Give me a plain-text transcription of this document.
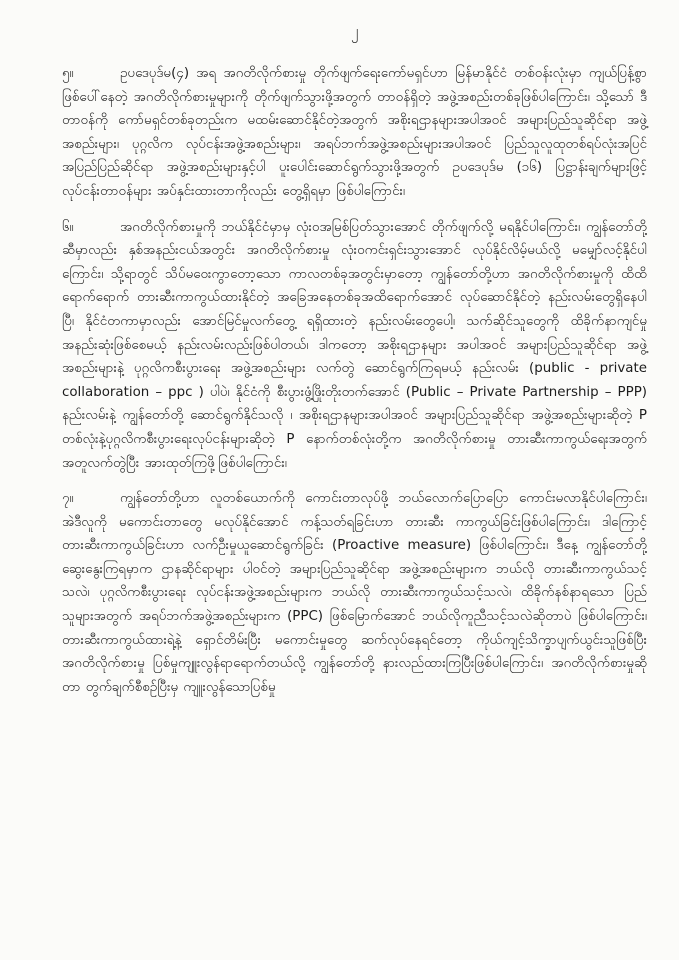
၂
၅။	ဥပဒေပုဒ်မ(၄) အရ အဂတိလိုက်စားမှု တိုက်ဖျက်ရေးကော်မရှင်ဟာ မြန်မာနိုင်ငံ တစ်ဝန်းလုံးမှာ ကျယ်ပြန့်စွာဖြစ်ပေါ်နေတဲ့ အဂတိလိုက်စားမှုများကို တိုက်ဖျက်သွားဖို့အတွက် တာဝန်ရှိတဲ့ အဖွဲ့အစည်းတစ်ခုဖြစ်ပါကြောင်း၊ သို့သော် ဒီတာဝန်ကို ကော်မရှင်တစ်ခုတည်းက မထမ်းဆောင်နိုင်တဲ့အတွက် အစိုးရဌာနများအပါအဝင် အများပြည်သူဆိုင်ရာ အဖွဲ့အစည်းများ၊ ပုဂ္ဂလိက လုပ်ငန်းအဖွဲ့အစည်းများ၊ အရပ်ဘက်အဖွဲ့အစည်းများအပါအဝင် ပြည်သူလူထုတစ်ရပ်လုံးအပြင် အပြည်ပြည်ဆိုင်ရာ အဖွဲ့အစည်းများနှင့်ပါ ပူးပေါင်းဆောင်ရွက်သွားဖို့အတွက် ဥပဒေပုဒ်မ (၁၆) ပြဋ္ဌာန်းချက်များဖြင့် လုပ်ငန်းတာဝန်များ အပ်နှင်းထားတာကိုလည်း တွေ့ရှိရမှာ ဖြစ်ပါကြောင်း၊

၆။	အဂတိလိုက်စားမှုကို ဘယ်နိုင်ငံမှာမှ လုံးဝအမြစ်ပြတ်သွားအောင် တိုက်ဖျက်လို့ မရနိုင်ပါကြောင်း၊ ကျွန်တော်တို့ဆီမှာလည်း နှစ်အနည်းငယ်အတွင်း အဂတိလိုက်စားမှု လုံးဝကင်းရှင်းသွားအောင် လုပ်နိုင်လိမ့်မယ်လို့ မမျှော်လင့်နိုင်ပါကြောင်း၊ သို့ရာတွင် သိပ်မဝေးကွာတော့သော ကာလတစ်ခုအတွင်းမှာတော့ ကျွန်တော်တို့ဟာ အဂတိလိုက်စားမှုကို ထိထိရောက်ရောက် တားဆီးကာကွယ်ထားနိုင်တဲ့ အခြေအနေတစ်ခုအထိရောက်အောင် လုပ်ဆောင်နိုင်တဲ့ နည်းလမ်းတွေရှိနေပါပြီ၊ နိုင်ငံတကာမှာလည်း အောင်မြင်မှုလက်တွေ့ ရရှိထားတဲ့ နည်းလမ်းတွေပေါ့၊ သက်ဆိုင်သူတွေကို ထိခိုက်နာကျင်မှု အနည်းဆုံးဖြစ်စေမယ့် နည်းလမ်းလည်းဖြစ်ပါတယ်၊ ဒါကတော့ အစိုးရဌာနများ အပါအဝင် အများပြည်သူဆိုင်ရာ အဖွဲ့အစည်းများနဲ့ ပုဂ္ဂလိကစီးပွားရေး အဖွဲ့အစည်းများ လက်တွဲ ဆောင်ရွက်ကြရမယ့် နည်းလမ်း (public - private collaboration – ppc ) ပါပဲ၊ နိုင်ငံကို စီးပွားဖွံ့ဖြိုးတိုးတက်အောင် (Public – Private Partnership – PPP) နည်းလမ်းနဲ့ ကျွန်တော်တို့ ဆောင်ရွက်နိုင်သလို ၊ အစိုးရဌာနများအပါအဝင် အများပြည်သူဆိုင်ရာ အဖွဲ့အစည်းများဆိုတဲ့ P တစ်လုံးနဲ့ပုဂ္ဂလိကစီးပွားရေးလုပ်ငန်းများဆိုတဲ့ P နောက်တစ်လုံးတို့က အဂတိလိုက်စားမှု တားဆီးကာကွယ်ရေးအတွက် အတူလက်တွဲပြီး အားထုတ်ကြဖို့ဖြစ်ပါကြောင်း၊

၇။	ကျွန်တော်တို့ဟာ လူတစ်ယောက်ကို ကောင်းတာလုပ်ဖို့ ဘယ်လောက်ပြောပြော ကောင်းမလာနိုင်ပါကြောင်း၊ အဲဒီလူကို မကောင်းတာတွေ မလုပ်နိုင်အောင် ကန့်သတ်ရခြင်းဟာ တားဆီး ကာကွယ်ခြင်းဖြစ်ပါကြောင်း၊ ဒါကြောင့် တားဆီးကာကွယ်ခြင်းဟာ လက်ဦးမှုယူဆောင်ရွက်ခြင်း (Proactive measure) ဖြစ်ပါကြောင်း၊ ဒီနေ့ ကျွန်တော်တို့ဆွေးနွေးကြရမှာက ဌာနဆိုင်ရာများ ပါဝင်တဲ့ အများပြည်သူဆိုင်ရာ အဖွဲ့အစည်းများက ဘယ်လို တားဆီးကာကွယ်သင့်သလဲ၊ ပုဂ္ဂလိကစီးပွားရေး လုပ်ငန်းအဖွဲ့အစည်းများက ဘယ်လို တားဆီးကာကွယ်သင့်သလဲ၊ ထိခိုက်နစ်နာရသော ပြည်သူများအတွက် အရပ်ဘက်အဖွဲ့အစည်းများက (PPC) ဖြစ်မြောက်အောင် ဘယ်လိုကူညီသင့်သလဲဆိုတာပဲ ဖြစ်ပါကြောင်း၊ တားဆီးကာကွယ်ထားရဲ့နဲ့ ရှောင်တိမ်းပြီး မကောင်းမှုတွေ ဆက်လုပ်နေရင်တော့ ကိုယ်ကျင့်သိက္ခာပျက်ယွင်းသူဖြစ်ပြီး အဂတိလိုက်စားမှု ပြစ်မှုကျူးလွန်ရာရောက်တယ်လို့ ကျွန်တော်တို့ နားလည်ထားကြပြီးဖြစ်ပါကြောင်း၊ အဂတိလိုက်စားမှုဆိုတာ တွက်ချက်စီစဉ်ပြီးမှ ကျူးလွန်သောပြစ်မှု
